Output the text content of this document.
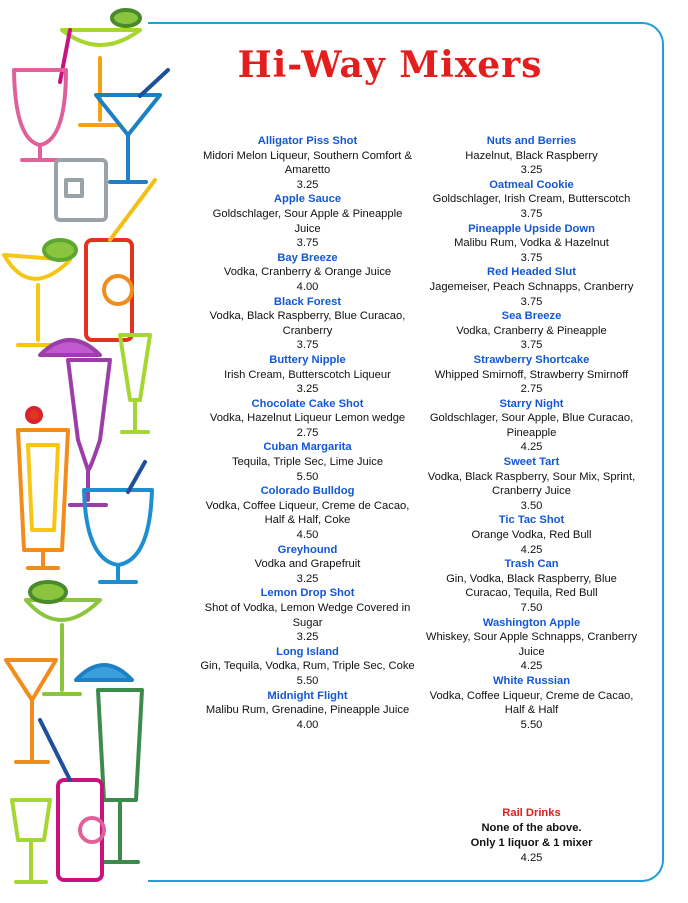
Hi-Way Mixers
Alligator Piss Shot
Midori Melon Liqueur, Southern Comfort & Amaretto
3.25
Apple Sauce
Goldschlager, Sour Apple & Pineapple Juice
3.75
Bay Breeze
Vodka, Cranberry & Orange Juice
4.00
Black Forest
Vodka, Black Raspberry, Blue Curacao, Cranberry
3.75
Buttery Nipple
Irish Cream, Butterscotch Liqueur
3.25
Chocolate Cake Shot
Vodka, Hazelnut Liqueur Lemon wedge
2.75
Cuban Margarita
Tequila, Triple Sec, Lime Juice
5.50
Colorado Bulldog
Vodka, Coffee Liqueur, Creme de Cacao, Half & Half, Coke
4.50
Greyhound
Vodka and Grapefruit
3.25
Lemon Drop Shot
Shot of Vodka, Lemon Wedge Covered in Sugar
3.25
Long Island
Gin, Tequila, Vodka, Rum, Triple Sec, Coke
5.50
Midnight Flight
Malibu Rum, Grenadine, Pineapple Juice
4.00
Nuts and Berries
Hazelnut, Black Raspberry
3.25
Oatmeal Cookie
Goldschlager, Irish Cream, Butterscotch
3.75
Pineapple Upside Down
Malibu Rum, Vodka & Hazelnut
3.75
Red Headed Slut
Jagemeiser, Peach Schnapps, Cranberry
3.75
Sea Breeze
Vodka, Cranberry & Pineapple
3.75
Strawberry Shortcake
Whipped Smirnoff, Strawberry Smirnoff
2.75
Starry Night
Goldschlager, Sour Apple, Blue Curacao, Pineapple
4.25
Sweet Tart
Vodka, Black Raspberry, Sour Mix, Sprint, Cranberry Juice
3.50
Tic Tac Shot
Orange Vodka, Red Bull
4.25
Trash Can
Gin, Vodka, Black Raspberry, Blue Curacao, Tequila, Red Bull
7.50
Washington Apple
Whiskey, Sour Apple Schnapps, Cranberry Juice
4.25
White Russian
Vodka, Coffee Liqueur, Creme de Cacao, Half & Half
5.50
Rail Drinks
None of the above.
Only 1 liquor & 1 mixer
4.25
